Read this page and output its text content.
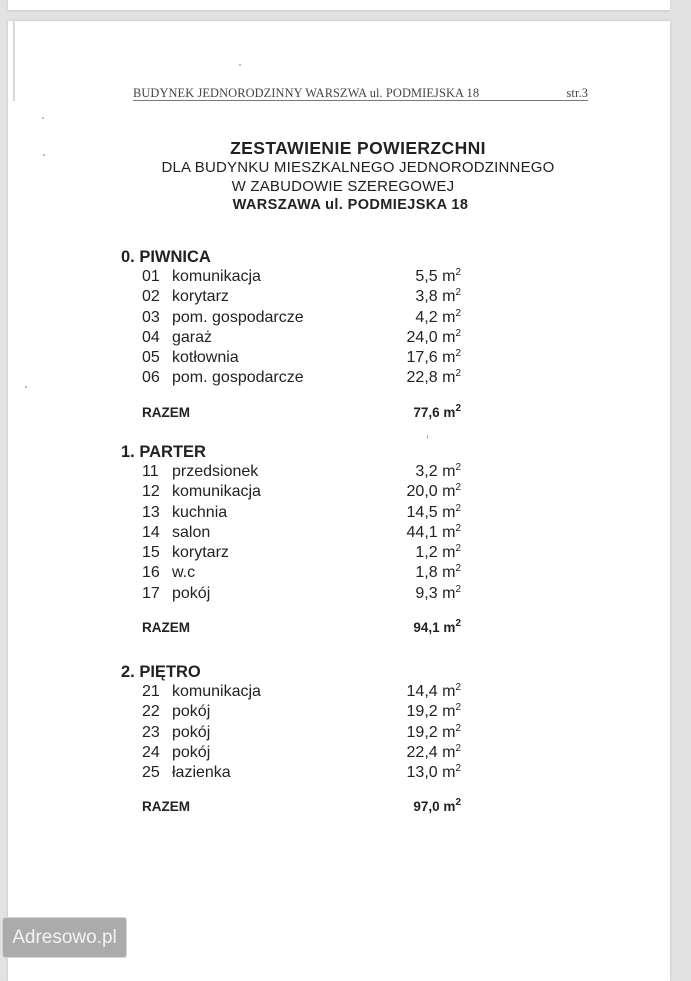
BUDYNEK JEDNORODZINNY WARSZWA ul. PODMIEJSKA 18	str.3
ZESTAWIENIE POWIERZCHNI
DLA BUDYNKU MIESZKALNEGO JEDNORODZINNEGO
W ZABUDOWIE SZEREGOWEJ
WARSZAWA ul. PODMIEJSKA 18
0. PIWNICA
01 komunikacja	5,5 $m^2$
02 korytarz	3,8 $m^2$
03 pom. gospodarcze	4,2 $m^2$
04 garaż	24,0 $m^2$
05 kotłownia	17,6 $m^2$
06 pom. gospodarcze	22,8 $m^2$
RAZEM	77,6 $m^2$
1. PARTER
11 przedsionek	3,2 $m^2$
12 komunikacja	20,0 $m^2$
13 kuchnia	14,5 $m^2$
14 salon	44,1 $m^2$
15 korytarz	1,2 $m^2$
16 w.c	1,8 $m^2$
17 pokój	9,3 $m^2$
RAZEM	94,1 $m^2$
2. PIĘTRO
21 komunikacja	14,4 $m^2$
22 pokój	19,2 $m^2$
23 pokój	19,2 $m^2$
24 pokój	22,4 $m^2$
25 łazienka	13,0 $m^2$
RAZEM	97,0 $m^2$
Adresowo.pl
